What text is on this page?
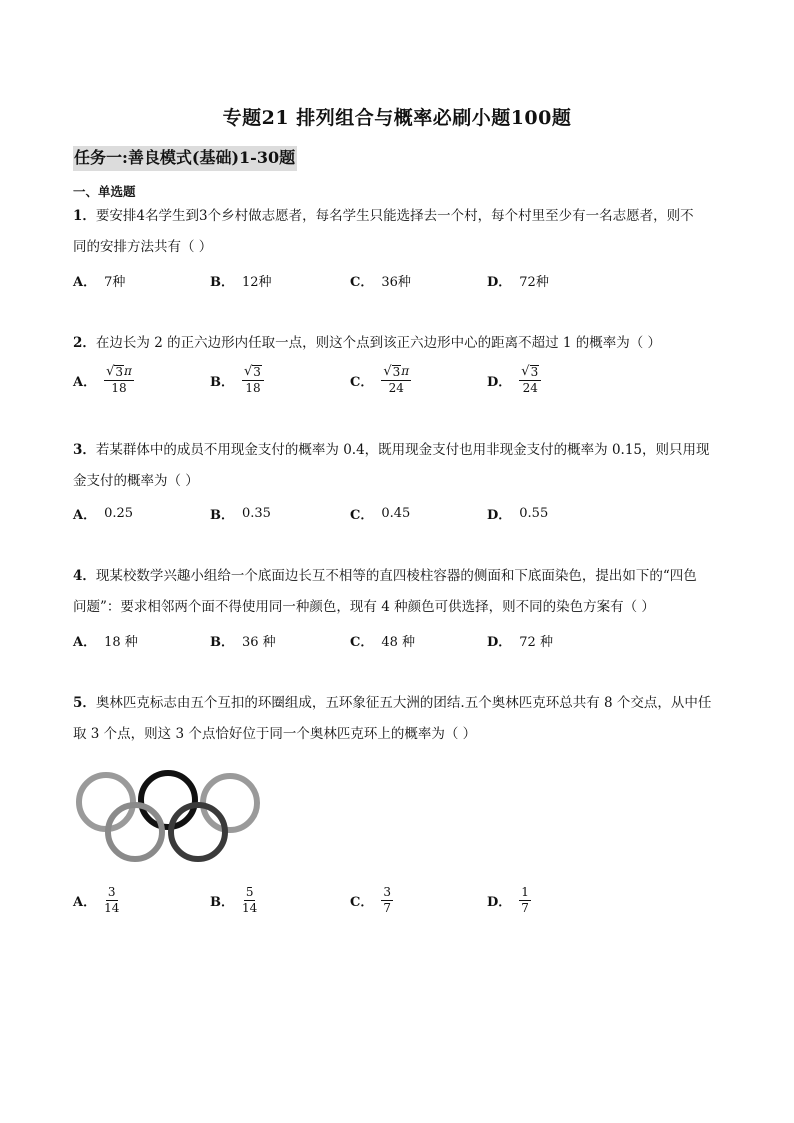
专题21 排列组合与概率必刷小题100题
任务一:善良模式(基础)1-30题
一、单选题
1．要安排4名学生到3个乡村做志愿者，每名学生只能选择去一个村，每个村里至少有一名志愿者，则不
同的安排方法共有（ ）
A． 7种	B． 12种	C． 36种	D． 72种
2．在边长为 2 的正六边形内任取一点，则这个点到该正六边形中心的距离不超过 1 的概率为（ ）
A． $\frac{√ 3 \pi}{18}$	B． $\frac{√ 3}{18}$	C． $\frac{√ 3 \pi}{24}$	D． $\frac{√ 3}{24}$
3．若某群体中的成员不用现金支付的概率为 0.4，既用现金支付也用非现金支付的概率为 0.15，则只用现
金支付的概率为（ ）
A． 0.25	B． 0.35	C． 0.45	D． 0.55
4．现某校数学兴趣小组给一个底面边长互不相等的直四棱柱容器的侧面和下底面染色，提出如下的“四色
问题”：要求相邻两个面不得使用同一种颜色，现有 4 种颜色可供选择，则不同的染色方案有（ ）
A． 18 种	B． 36 种	C． 48 种	D． 72 种
5．奥林匹克标志由五个互扣的环圈组成，五环象征五大洲的团结.五个奥林匹克环总共有 8 个交点，从中任
取 3 个点，则这 3 个点恰好位于同一个奥林匹克环上的概率为（ ）
A． $\frac{3}{14}$	B． $\frac{5}{14}$	C． $\frac{3}{7}$	D． $\frac{1}{7}$
